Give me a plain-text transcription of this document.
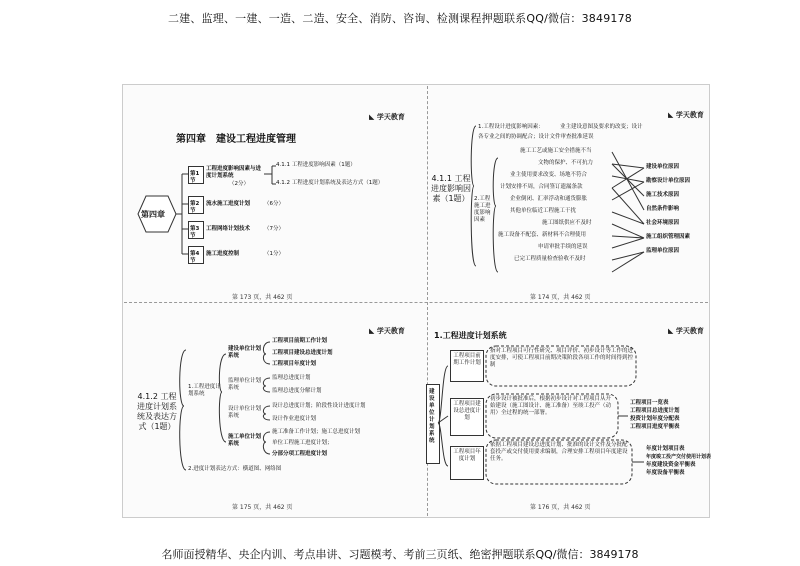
二建、监理、一建、一造、二造、安全、消防、咨询、检测课程押题联系QQ/微信：3849178
◣ 学天教育
第四章　建设工程进度管理
第四章
第1节
工程进度影响因素与进度计划系统
（2分）
4.1.1 工程进度影响因素（1题）
4.1.2 工程进度计划系统及表达方式（1题）
第2节
流水施工进度计划	（6分）
第3节
工程网络计划技术	（7分）
第4节
施工进度控制	（1分）
第 173 页，共 462 页
◣ 学天教育
4.1.1 工程进度影响因素（1题）
1.工程设计进度影响因素：	业主建设意图及要求的改变；设计
各专业之间的协调配合；设计文件审查批准延误
2.工程施工进度影响因素
施工工艺或施工安全措施不当
文物的保护、不可抗力
业主使用要求改变、场地不符合
计划安排不周，合同签订遗漏条款
企业倒闭、汇率浮动和通货膨胀
其他单位临近工程施工干扰
施工图纸供应不及时
施工设备不配套、新材料不合理使用
申请审批手续的延误
已完工程质量检查验收不及时
建设单位原因
勘察设计单位原因
施工技术原因
自然条件影响
社会环境原因
施工组织管理因素
监理单位原因
第 174 页，共 462 页
◣ 学天教育
4.1.2 工程进度计划系统及表达方式（1题）
1.工程进度计划系统
建设单位计划系统
工程项目前期工作计划
工程项目建设总进度计划
工程项目年度计划
监理单位计划系统
监理总进度计划
监理总进度分解计划
设计单位计划系统
设计总进度计划；阶段性设计进度计划
设计作业进度计划
施工单位计划系统
施工准备工作计划；施工总进度计划
单位工程施工进度计划；
分部分项工程进度计划
2.进度计划表达方式：横道图、网络图
第 175 页，共 462 页
◣ 学天教育
1.工程进度计划系统
建设单位计划系统
工程项目前期工作计划
指对工程项目可行性研究、项目评价、初步设计等工作的进度安排，可使工程项目前期决策阶段各项工作的时间得到控制
工程项目建设总进度计划
初步设计被批准后，根据初步设计对工程项目从开始建设（施工图设计、施工准备）至竣工投产（动用）全过程的统一部署。
工程项目年度计划
依据工程项目建设总进度计划、批准的设计文件及分批配套投产或交付使用要求编制，合理安排工程项目年度建设任务。
工程项目一览表
工程项目总进度计划
投资计划年度分配表
工程项目进度平衡表
年度计划项目表
年度竣工投产交付使用计划表
年度建设资金平衡表
年度设备平衡表
第 176 页，共 462 页
名师面授精华、央企内训、考点串讲、习题模考、考前三页纸、绝密押题联系QQ/微信：3849178
